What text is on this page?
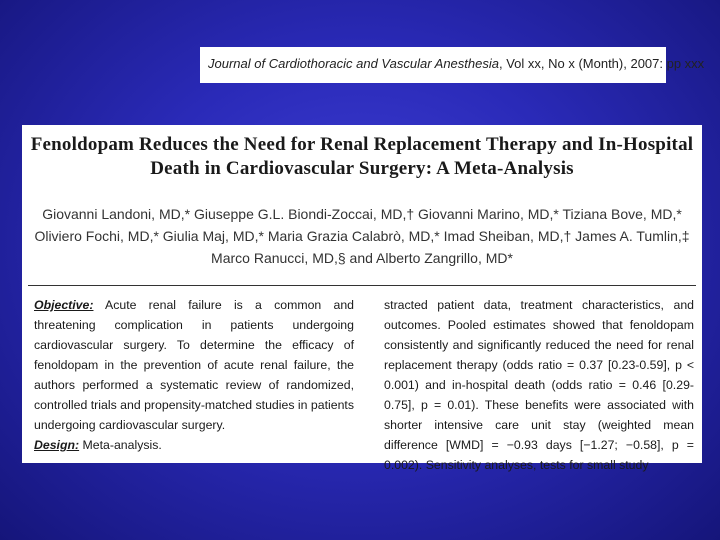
Journal of Cardiothoracic and Vascular Anesthesia, Vol xx, No x (Month), 2007: pp xxx
Fenoldopam Reduces the Need for Renal Replacement Therapy and In-Hospital
Death in Cardiovascular Surgery: A Meta-Analysis
Giovanni Landoni, MD,* Giuseppe G.L. Biondi-Zoccai, MD,† Giovanni Marino, MD,* Tiziana Bove, MD,*
Oliviero Fochi, MD,* Giulia Maj, MD,* Maria Grazia Calabrò, MD,* Imad Sheiban, MD,† James A. Tumlin,‡
Marco Ranucci, MD,§ and Alberto Zangrillo, MD*

Objective: Acute renal failure is a common and threatening complication in patients undergoing cardiovascular surgery. To determine the efficacy of fenoldopam in the prevention of acute renal failure, the authors performed a systematic review of randomized, controlled trials and propensity-matched studies in patients undergoing cardiovascular surgery.

Design: Meta-analysis.

stracted patient data, treatment characteristics, and outcomes. Pooled estimates showed that fenoldopam consistently and significantly reduced the need for renal replacement therapy (odds ratio = 0.37 [0.23-0.59], p < 0.001) and in-hospital death (odds ratio = 0.46 [0.29-0.75], p = 0.01). These benefits were associated with shorter intensive care unit stay (weighted mean difference [WMD] = −0.93 days [−1.27; −0.58], p = 0.002). Sensitivity analyses, tests for small study
